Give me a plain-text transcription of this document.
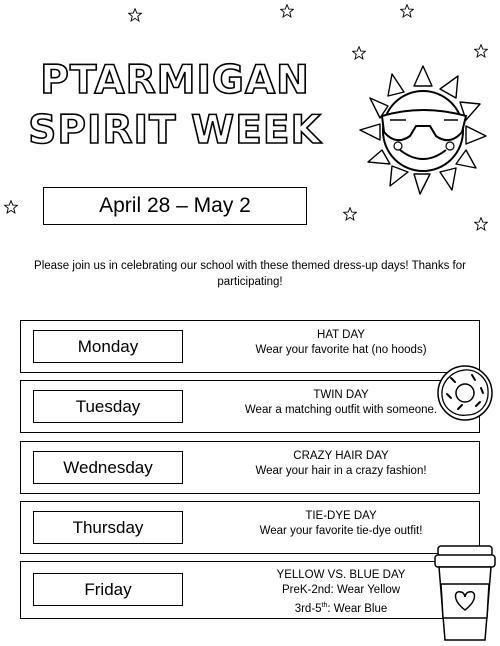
PTARMIGAN
SPIRIT WEEK
April 28 – May 2
Please join us in celebrating our school with these themed dress-up days! Thanks for participating!
Monday
HAT DAY
Wear your favorite hat (no hoods)
Tuesday
TWIN DAY
Wear a matching outfit with someone.
Wednesday
CRAZY HAIR DAY
Wear your hair in a crazy fashion!
Thursday
TIE-DYE DAY
Wear your favorite tie-dye outfit!
Friday
YELLOW VS. BLUE DAY
PreK-2nd: Wear Yellow
3rd-5th: Wear Blue
